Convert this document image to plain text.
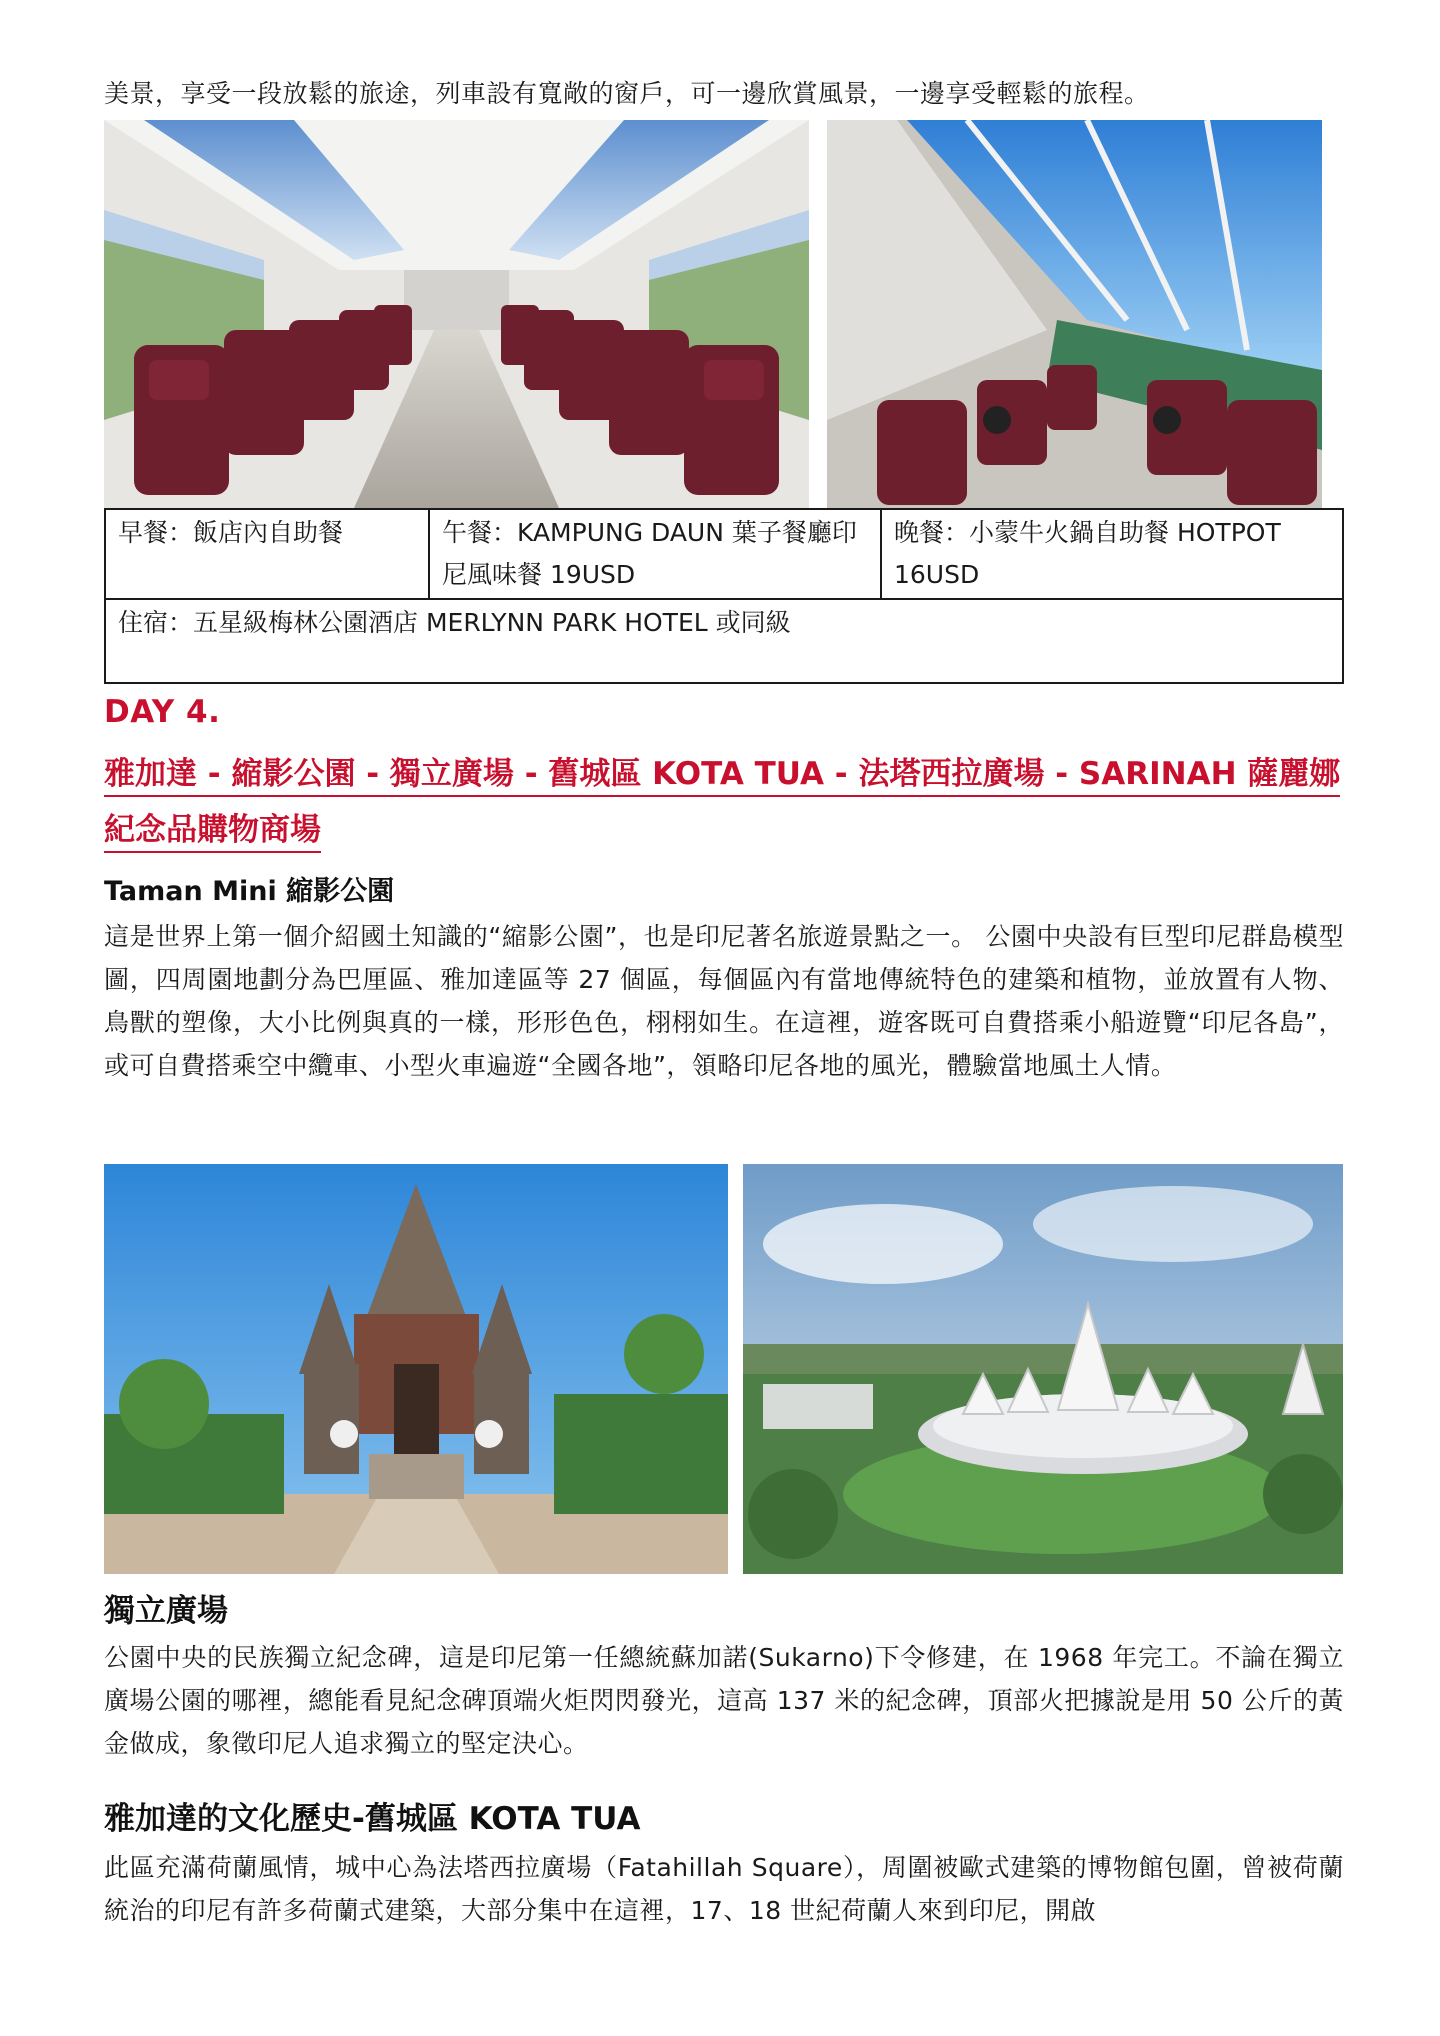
美景，享受一段放鬆的旅途，列車設有寬敞的窗戶，可一邊欣賞風景，一邊享受輕鬆的旅程。

早餐：飯店內自助餐	午餐：KAMPUNG DAUN 葉子餐廳印尼風味餐 19USD	晚餐：小蒙牛火鍋自助餐 HOTPOT 16USD
住宿：五星級梅林公園酒店 MERLYNN PARK HOTEL 或同級
DAY 4.
雅加達 - 縮影公園 - 獨立廣場 - 舊城區 KOTA TUA - 法塔西拉廣場 - SARINAH 薩麗娜紀念品購物商場
Taman Mini 縮影公園

這是世界上第一個介紹國土知識的“縮影公園”，也是印尼著名旅遊景點之一。 公園中央設有巨型印尼群島模型圖，四周園地劃分為巴厘區、雅加達區等 27 個區，每個區內有當地傳統特色的建築和植物，並放置有人物、鳥獸的塑像，大小比例與真的一樣，形形色色，栩栩如生。在這裡，遊客既可自費搭乘小船遊覽“印尼各島”，或可自費搭乘空中纜車、小型火車遍遊“全國各地”，領略印尼各地的風光，體驗當地風土人情。

獨立廣場

公園中央的民族獨立紀念碑，這是印尼第一任總統蘇加諾(Sukarno)下令修建，在 1968 年完工。不論在獨立廣場公園的哪裡，總能看見紀念碑頂端火炬閃閃發光，這高 137 米的紀念碑，頂部火把據說是用 50 公斤的黃金做成，象徵印尼人追求獨立的堅定決心。

雅加達的文化歷史-舊城區 KOTA TUA

此區充滿荷蘭風情，城中心為法塔西拉廣場（Fatahillah Square），周圍被歐式建築的博物館包圍，曾被荷蘭統治的印尼有許多荷蘭式建築，大部分集中在這裡，17、18 世紀荷蘭人來到印尼，開啟
